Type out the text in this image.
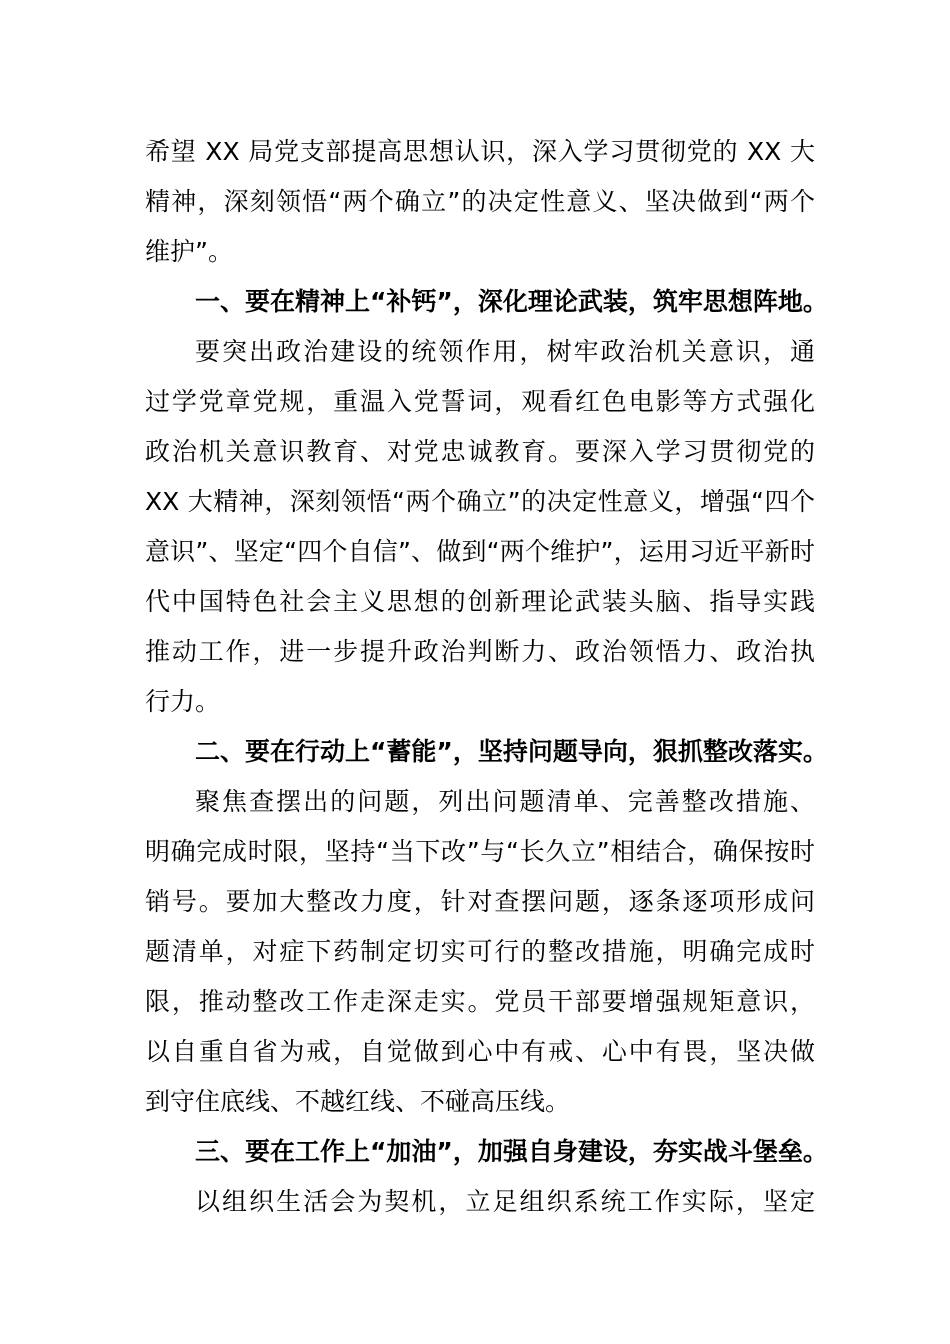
希望 XX 局党支部提高思想认识，深入学习贯彻党的 XX 大
精神，深刻领悟“两个确立”的决定性意义、坚决做到“两个
维护”。
一、要在精神上“补钙”，深化理论武装，筑牢思想阵地。
要突出政治建设的统领作用，树牢政治机关意识，通
过学党章党规，重温入党誓词，观看红色电影等方式强化
政治机关意识教育、对党忠诚教育。要深入学习贯彻党的
XX 大精神，深刻领悟“两个确立”的决定性意义，增强“四个
意识”、坚定“四个自信”、做到“两个维护”，运用习近平新时
代中国特色社会主义思想的创新理论武装头脑、指导实践
推动工作，进一步提升政治判断力、政治领悟力、政治执
行力。
二、要在行动上“蓄能”，坚持问题导向，狠抓整改落实。
聚焦查摆出的问题，列出问题清单、完善整改措施、
明确完成时限，坚持“当下改”与“长久立”相结合，确保按时
销号。要加大整改力度，针对查摆问题，逐条逐项形成问
题清单，对症下药制定切实可行的整改措施，明确完成时
限，推动整改工作走深走实。党员干部要增强规矩意识，
以自重自省为戒，自觉做到心中有戒、心中有畏，坚决做
到守住底线、不越红线、不碰高压线。
三、要在工作上“加油”，加强自身建设，夯实战斗堡垒。
以组织生活会为契机，立足组织系统工作实际，坚定
